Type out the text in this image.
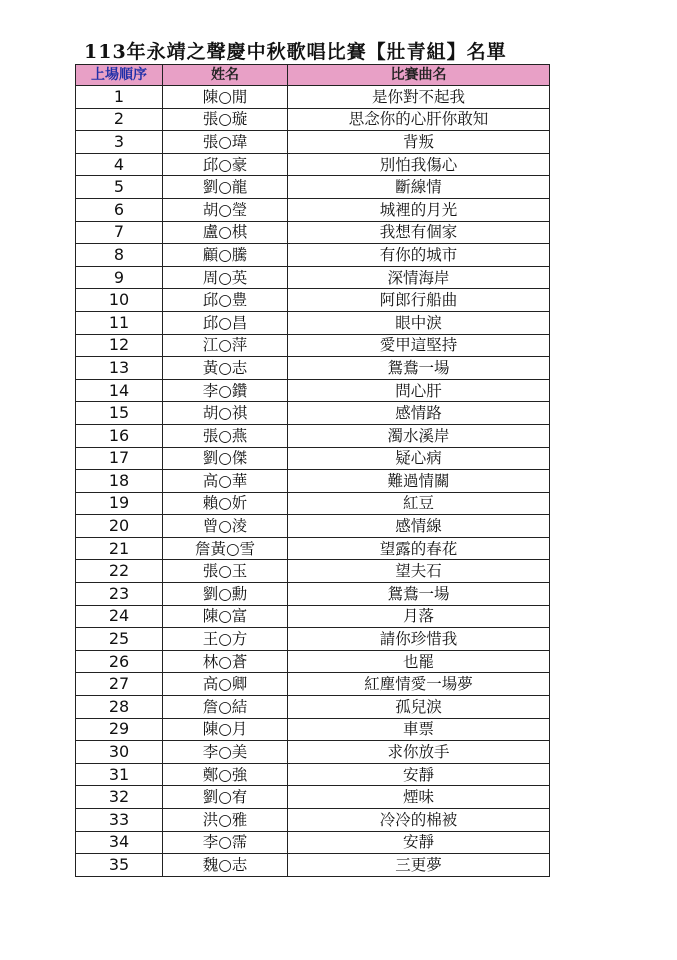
113年永靖之聲慶中秋歌唱比賽【壯青組】名單
上場順序	姓名	比賽曲名
1	陳○閒	是你對不起我
2	張○璇	思念你的心肝你敢知
3	張○瑋	背叛
4	邱○豪	別怕我傷心
5	劉○龍	斷線情
6	胡○瑩	城裡的月光
7	盧○棋	我想有個家
8	顧○騰	有你的城市
9	周○英	深情海岸
10	邱○豊	阿郎行船曲
11	邱○昌	眼中淚
12	江○萍	愛甲這堅持
13	黃○志	鴛鴦一場
14	李○鑽	問心肝
15	胡○祺	感情路
16	張○燕	濁水溪岸
17	劉○傑	疑心病
18	高○華	難過情關
19	賴○妡	紅豆
20	曾○淩	感情線
21	詹黃○雪	望露的春花
22	張○玉	望夫石
23	劉○勳	鴛鴦一場
24	陳○富	月落
25	王○方	請你珍惜我
26	林○蒼	也罷
27	高○卿	紅塵情愛一場夢
28	詹○結	孤兒淚
29	陳○月	車票
30	李○美	求你放手
31	鄭○強	安靜
32	劉○宥	煙味
33	洪○雅	冷冷的棉被
34	李○霈	安靜
35	魏○志	三更夢
